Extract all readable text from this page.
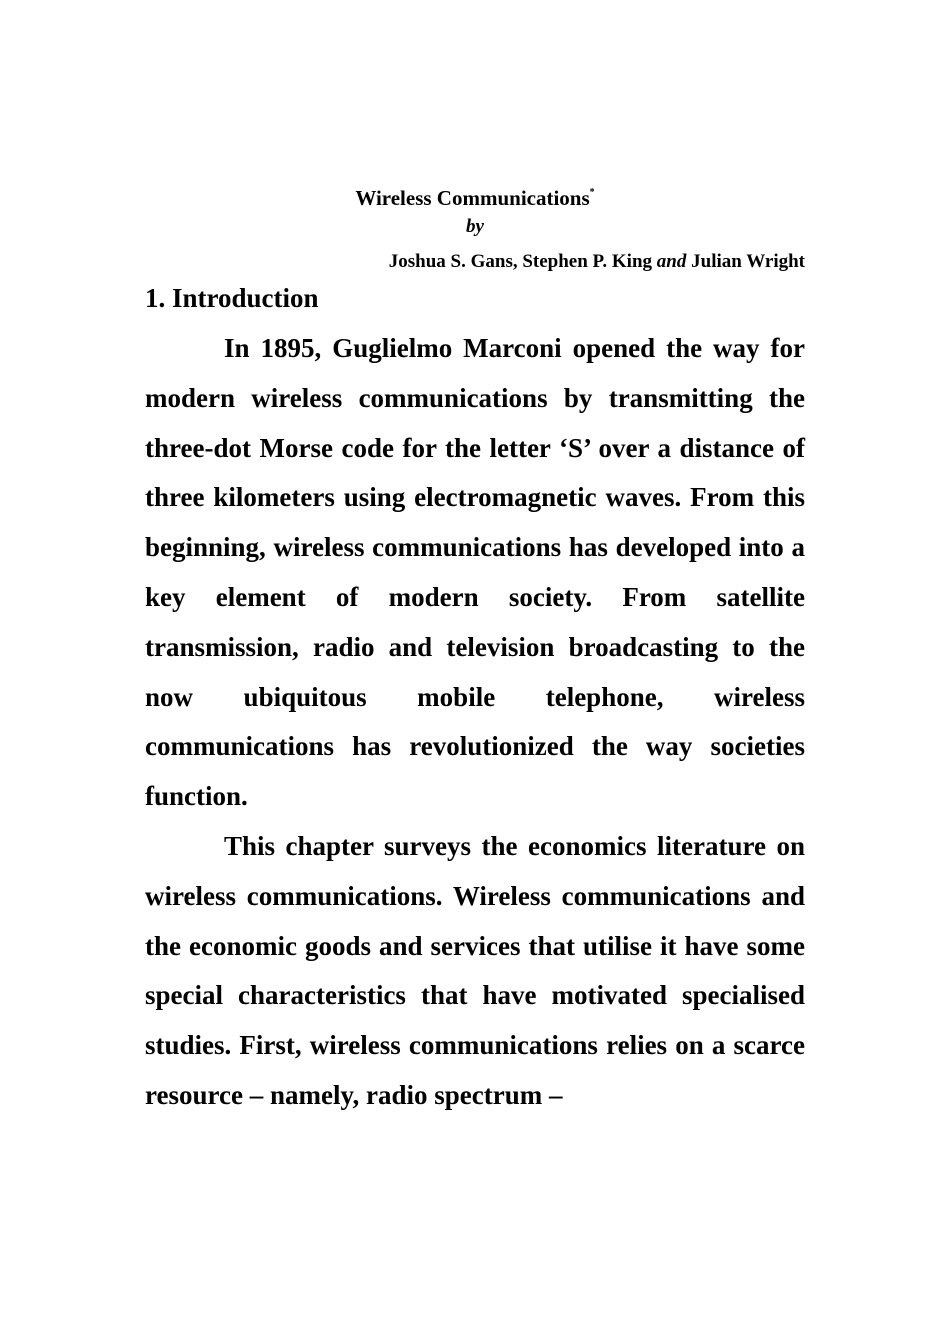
Wireless Communications*

by

Joshua S. Gans, Stephen P. King and Julian Wright
1. Introduction

In 1895, Guglielmo Marconi opened the way for modern wireless communications by transmitting the three-dot Morse code for the letter ‘S’ over a distance of three kilometers using electromagnetic waves. From this beginning, wireless communications has developed into a key element of modern society. From satellite transmission, radio and television broadcasting to the now ubiquitous mobile telephone, wireless communications has revolutionized the way societies function.

This chapter surveys the economics literature on wireless communications. Wireless communications and the economic goods and services that utilise it have some special characteristics that have motivated specialised studies. First, wireless communications relies on a scarce resource – namely, radio spectrum –
